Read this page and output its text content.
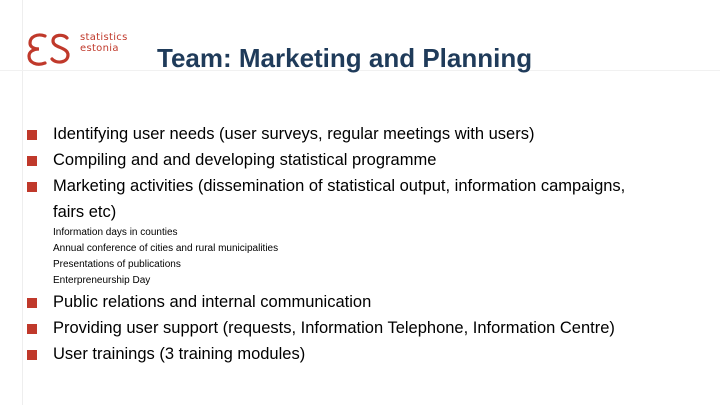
statistics
estonia	Team: Marketing and Planning
Identifying user needs (user surveys, regular meetings with users)
Compiling and and developing statistical programme
Marketing activities (dissemination of statistical output, information campaigns,
fairs etc)
Information days in counties
Annual conference of cities and rural municipalities
Presentations of publications
Enterpreneurship Day
Public relations and internal communication
Providing user support (requests, Information Telephone, Information Centre)
User trainings (3 training modules)
